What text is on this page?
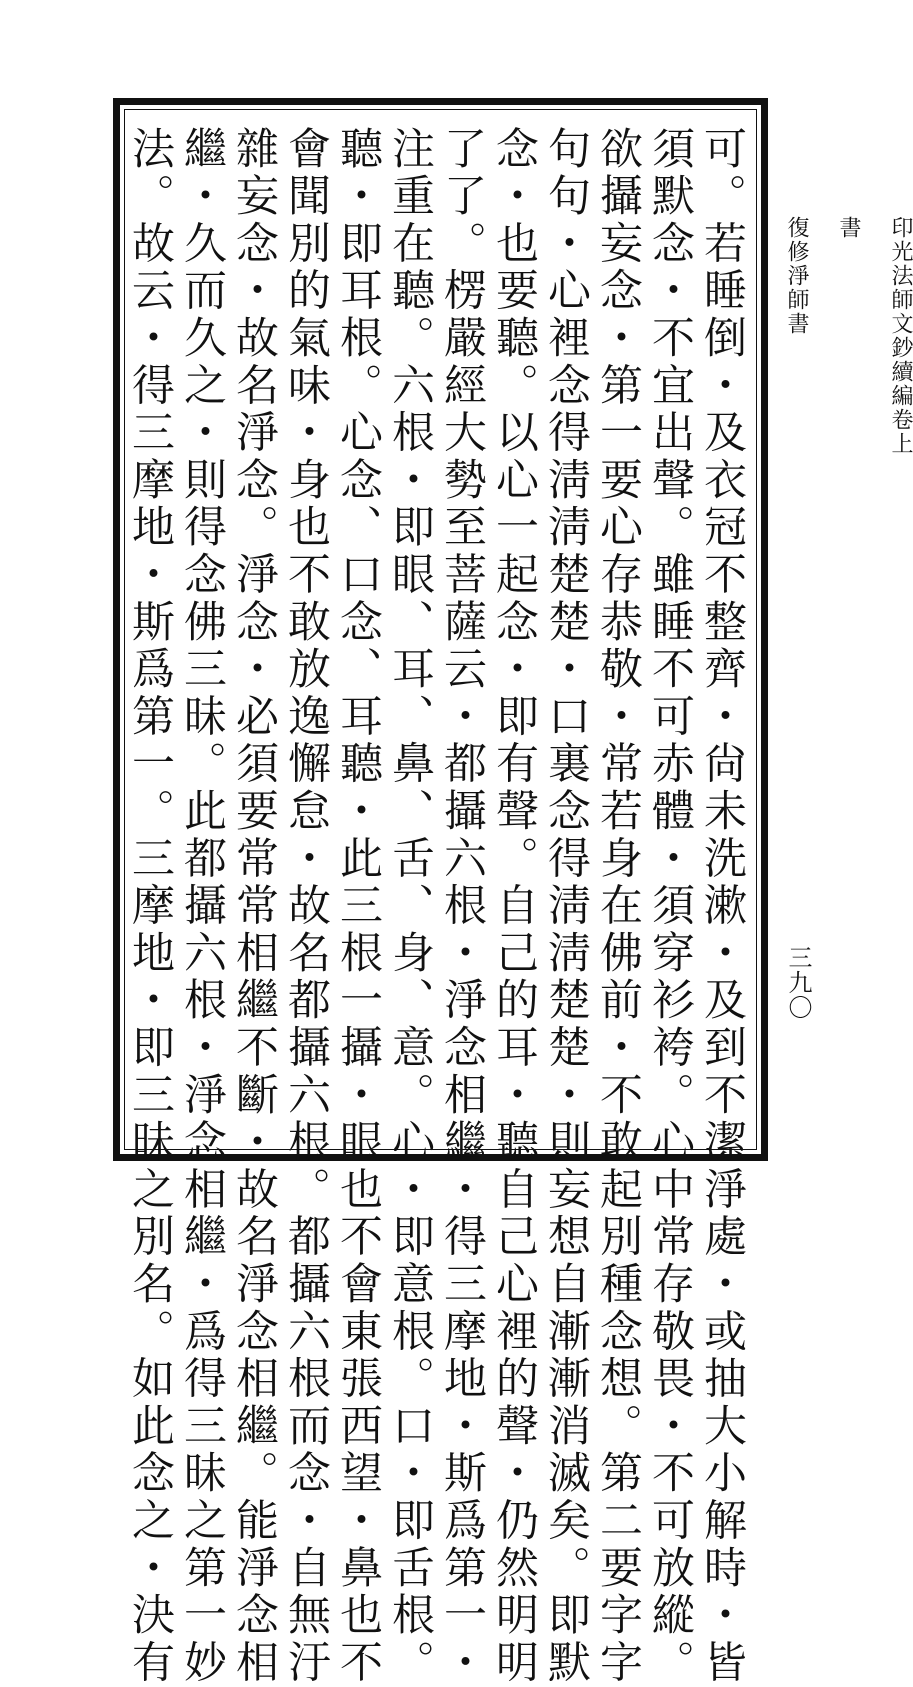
可。若睡倒・及衣冠不整齊・尙未洗漱・及到不潔淨處・或抽大小解時・皆
須默念・不宜出聲。雖睡不可赤體・須穿衫袴。心中常存敬畏・不可放縱。
欲攝妄念・第一要心存恭敬・常若身在佛前・不敢起別種念想。第二要字字
句句・心裡念得淸淸楚楚・口裏念得淸淸楚楚・則妄想自漸漸消滅矣。即默
念・也要聽。以心一起念・即有聲。自己的耳・聽自己心裡的聲・仍然明明
了了。楞嚴經大勢至菩薩云・都攝六根・淨念相繼・得三摩地・斯爲第一・
注重在聽。六根・即眼、耳、鼻、舌、身、意。心・即意根。口・即舌根。
聽・即耳根。心念、口念、耳聽・此三根一攝・眼也不會東張西望・鼻也不
會聞別的氣味・身也不敢放逸懈怠・故名都攝六根。都攝六根而念・自無汙
雜妄念・故名淨念。淨念・必須要常常相繼不斷・故名淨念相繼。能淨念相
繼・久而久之・則得念佛三昧。此都攝六根・淨念相繼・爲得三昧之第一妙
法。故云・得三摩地・斯爲第一。三摩地・即三昧之別名。如此念之・決有	印光法師文鈔續編卷上
書
復修淨師書
三九〇
